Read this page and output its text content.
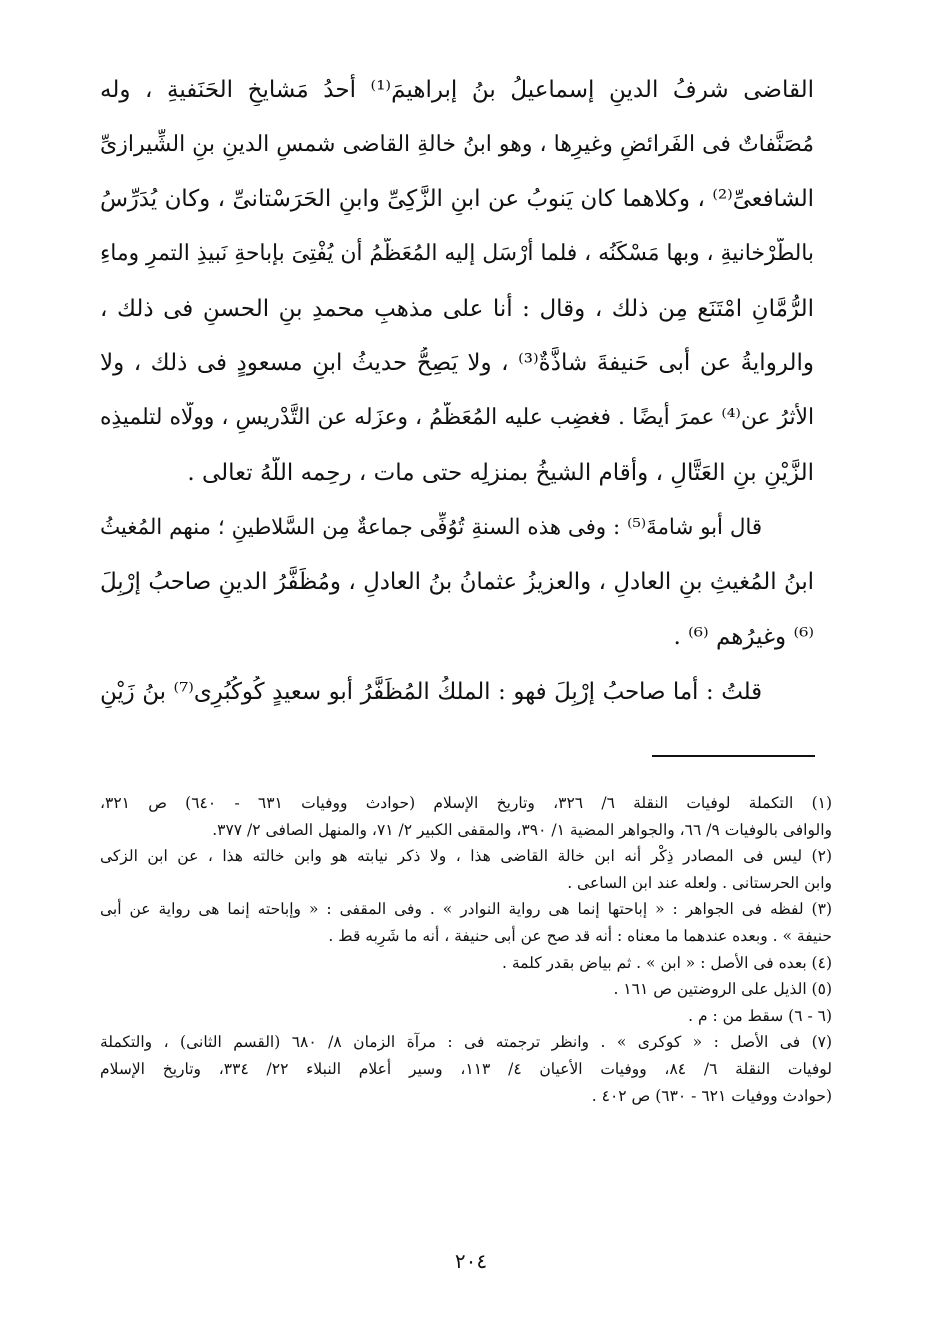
القاضى شرفُ الدينِ إسماعيلُ بنُ إبراهيمَ⁽¹⁾ أحدُ مَشايخِ الحَنَفيةِ ، وله
مُصَنَّفاتٌ فى الفَرائضِ وغيرِها ، وهو ابنُ خالةِ القاضى شمسِ الدينِ بنِ الشِّيرازىِّ
الشافعىِّ⁽²⁾ ، وكلاهما كان يَنوبُ عن ابنِ الزَّكِىِّ وابنِ الحَرَسْتانىِّ ، وكان يُدَرِّسُ
بالطَّرْخانيةِ ، وبها مَسْكَنُه ، فلما أرْسَل إليه المُعَظَّمُ أن يُفْتِىَ بإباحةِ نَبيذِ التمرِ وماءِ
الرُّمَّانِ امْتَنَع مِن ذلك ، وقال : أنا على مذهبِ محمدِ بنِ الحسنِ فى ذلك ،
والروايةُ عن أبى حَنيفةَ شاذَّةٌ⁽³⁾ ، ولا يَصِحُّ حديثُ ابنِ مسعودٍ فى ذلك ، ولا
الأثرُ عن⁽⁴⁾ عمرَ أيضًا . فغضِب عليه المُعَظَّمُ ، وعزَله عن التَّدْريسِ ، وولَّاه لتلميذِه
الزَّيْنِ بنِ العَتَّالِ ، وأقام الشيخُ بمنزلِه حتى مات ، رحِمه اللَّهُ تعالى .
قال أبو شامةَ⁽⁵⁾ : وفى هذه السنةِ تُوُفِّى جماعةٌ مِن السَّلاطينِ ؛ منهم المُغيثُ
ابنُ المُغيثِ بنِ العادلِ ، والعزيزُ عثمانُ بنُ العادلِ ، ومُظَفَّرُ الدينِ صاحبُ إرْبِلَ
⁽⁶⁾ وغيرُهم ⁽⁶⁾ .
قلتُ : أما صاحبُ إرْبِلَ فهو : الملكُ المُظَفَّرُ أبو سعيدٍ كُوكُبُرِى⁽⁷⁾ بنُ زَيْنِ
(١) التكملة لوفيات النقلة ٦/ ٣٢٦، وتاريخ الإسلام (حوادث ووفيات ٦٣١ - ٦٤٠) ص ٣٢١،
والوافى بالوفيات ٩/ ٦٦، والجواهر المضية ١/ ٣٩٠، والمقفى الكبير ٢/ ٧١، والمنهل الصافى ٢/ ٣٧٧.
(٢) ليس فى المصادر ذِكْر أنه ابن خالة القاضى هذا ، ولا ذكر نيابته هو وابن خالته هذا ، عن ابن الزكى
وابن الحرستانى . ولعله عند ابن الساعى .
(٣) لفظه فى الجواهر : « إباحتها إنما هى رواية النوادر » . وفى المقفى : « وإباحته إنما هى رواية عن أبى
حنيفة » . وبعده عندهما ما معناه : أنه قد صح عن أبى حنيفة ، أنه ما شَرِبه قط .
(٤) بعده فى الأصل : « ابن » . ثم بياض بقدر كلمة .
(٥) الذيل على الروضتين ص ١٦١ .
(٦ - ٦) سقط من : م .
(٧) فى الأصل : « كوكرى » . وانظر ترجمته فى : مرآة الزمان ٨/ ٦٨٠ (القسم الثانى) ، والتكملة
لوفيات النقلة ٦/ ٨٤، ووفيات الأعيان ٤/ ١١٣، وسير أعلام النبلاء ٢٢/ ٣٣٤، وتاريخ الإسلام
(حوادث ووفيات ٦٢١ - ٦٣٠) ص ٤٠٢ .
٢٠٤
